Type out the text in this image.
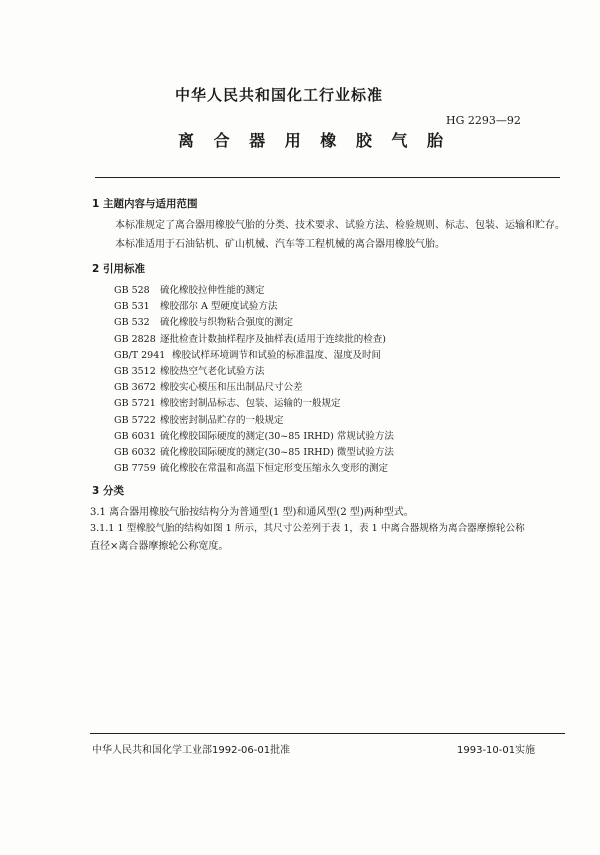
中华人民共和国化工行业标准
HG 2293—92
离 合 器 用 橡 胶 气 胎
1 主题内容与适用范围
本标准规定了离合器用橡胶气胎的分类、技术要求、试验方法、检验规则、标志、包装、运输和贮存。
本标准适用于石油钻机、矿山机械、汽车等工程机械的离合器用橡胶气胎。
2 引用标准
GB 528 硫化橡胶拉伸性能的测定
GB 531 橡胶邵尔 A 型硬度试验方法
GB 532 硫化橡胶与织物粘合强度的测定
GB 2828 逐批检查计数抽样程序及抽样表(适用于连续批的检查)
GB/T 2941 橡胶试样环境调节和试验的标准温度、湿度及时间
GB 3512 橡胶热空气老化试验方法
GB 3672 橡胶实心模压和压出制品尺寸公差
GB 5721 橡胶密封制品标志、包装、运输的一般规定
GB 5722 橡胶密封制品贮存的一般规定
GB 6031 硫化橡胶国际硬度的测定(30~85 IRHD) 常规试验方法
GB 6032 硫化橡胶国际硬度的测定(30~85 IRHD) 微型试验方法
GB 7759 硫化橡胶在常温和高温下恒定形变压缩永久变形的测定
3 分类
3.1 离合器用橡胶气胎按结构分为普通型(1 型)和通风型(2 型)两种型式。
3.1.1 1 型橡胶气胎的结构如图 1 所示，其尺寸公差列于表 1，表 1 中离合器规格为离合器摩擦轮公称
直径×离合器摩擦轮公称宽度。
中华人民共和国化学工业部1992-06-01批准	1993-10-01实施
